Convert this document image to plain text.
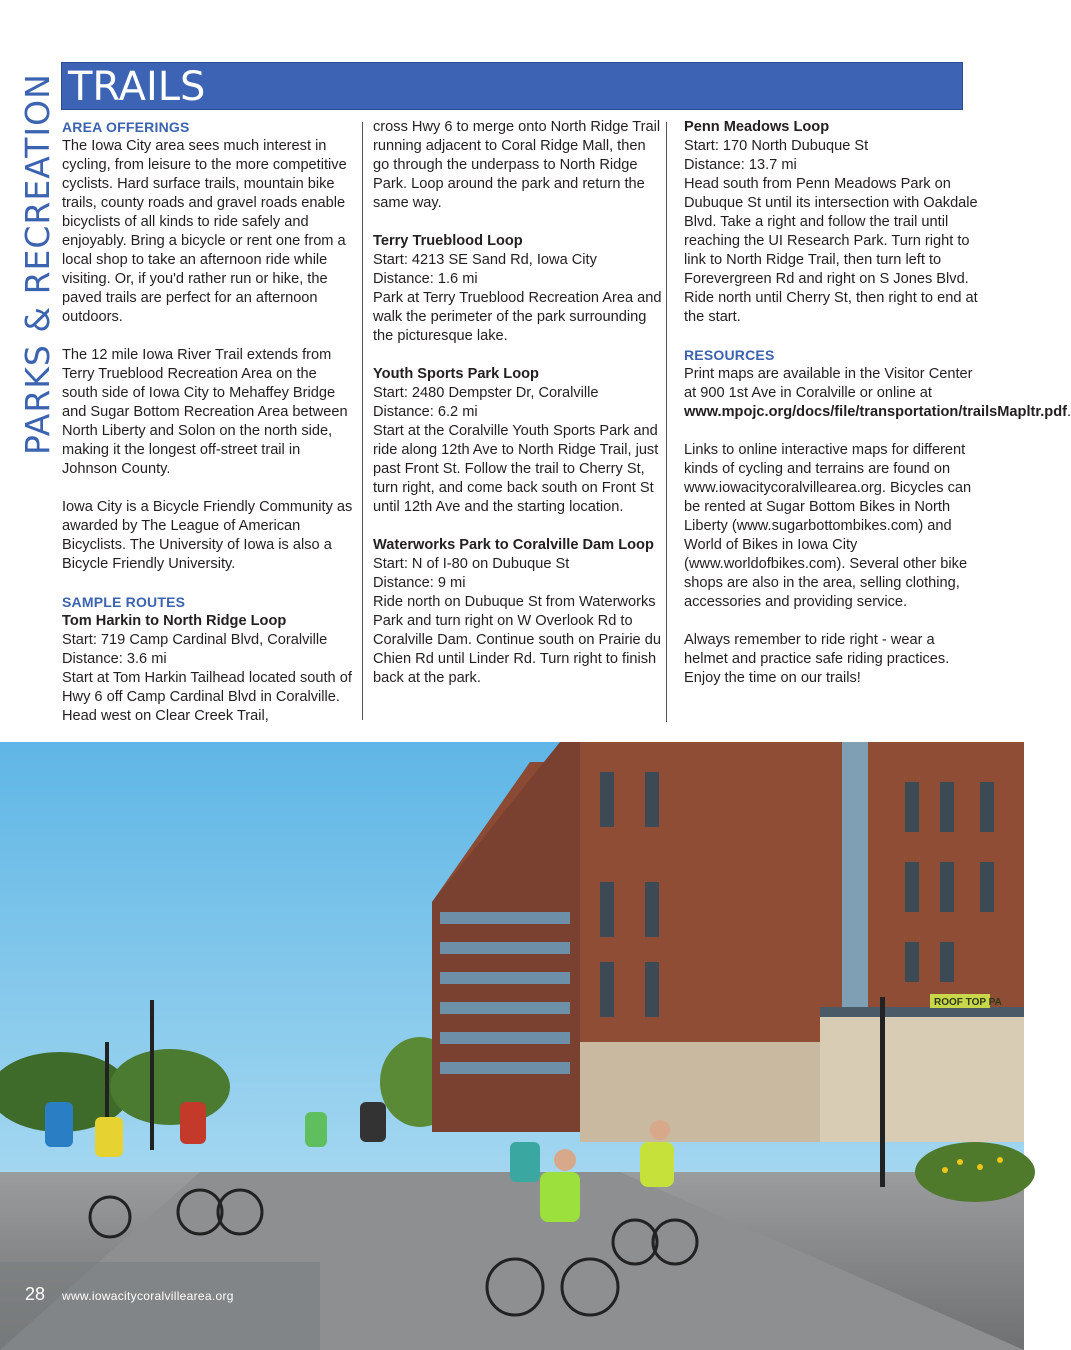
PARKS & RECREATION TRAILS
AREA OFFERINGS

The Iowa City area sees much interest in cycling, from leisure to the more competitive cyclists. Hard surface trails, mountain bike trails, county roads and gravel roads enable bicyclists of all kinds to ride safely and enjoyably. Bring a bicycle or rent one from a local shop to take an afternoon ride while visiting. Or, if you'd rather run or hike, the paved trails are perfect for an afternoon outdoors.

The 12 mile Iowa River Trail extends from Terry Trueblood Recreation Area on the south side of Iowa City to Mehaffey Bridge and Sugar Bottom Recreation Area between North Liberty and Solon on the north side, making it the longest off-street trail in Johnson County.

Iowa City is a Bicycle Friendly Community as awarded by The League of American Bicyclists. The University of Iowa is also a Bicycle Friendly University.

SAMPLE ROUTES
Tom Harkin to North Ridge Loop
Start: 719 Camp Cardinal Blvd, Coralville
Distance: 3.6 mi

Start at Tom Harkin Tailhead located south of Hwy 6 off Camp Cardinal Blvd in Coralville. Head west on Clear Creek Trail,

cross Hwy 6 to merge onto North Ridge Trail running adjacent to Coral Ridge Mall, then go through the underpass to North Ridge Park. Loop around the park and return the same way.

Terry Trueblood Loop
Start: 4213 SE Sand Rd, Iowa City
Distance: 1.6 mi

Park at Terry Trueblood Recreation Area and walk the perimeter of the park surrounding the picturesque lake.

Youth Sports Park Loop
Start: 2480 Dempster Dr, Coralville
Distance: 6.2 mi

Start at the Coralville Youth Sports Park and ride along 12th Ave to North Ridge Trail, just past Front St. Follow the trail to Cherry St, turn right, and come back south on Front St until 12th Ave and the starting location.

Waterworks Park to Coralville Dam Loop
Start: N of I-80 on Dubuque St
Distance: 9 mi

Ride north on Dubuque St from Waterworks Park and turn right on W Overlook Rd to Coralville Dam. Continue south on Prairie du Chien Rd until Linder Rd. Turn right to finish back at the park.

Penn Meadows Loop
Start: 170 North Dubuque St
Distance: 13.7 mi

Head south from Penn Meadows Park on Dubuque St until its intersection with Oakdale Blvd. Take a right and follow the trail until reaching the UI Research Park. Turn right to link to North Ridge Trail, then turn left to Forevergreen Rd and right on S Jones Blvd. Ride north until Cherry St, then right to end at the start.

RESOURCES

Print maps are available in the Visitor Center at 900 1st Ave in Coralville or online at www.mpojc.org/docs/file/transportation/trailsMapltr.pdf.

Links to online interactive maps for different kinds of cycling and terrains are found on www.iowacitycoralvillearea.org. Bicycles can be rented at Sugar Bottom Bikes in North Liberty (www.sugarbottombikes.com) and World of Bikes in Iowa City (www.worldofbikes.com). Several other bike shops are also in the area, selling clothing, accessories and providing service.

Always remember to ride right - wear a helmet and practice safe riding practices. Enjoy the time on our trails!

ROOF TOP PA
28 www.iowacitycoralvillearea.org
